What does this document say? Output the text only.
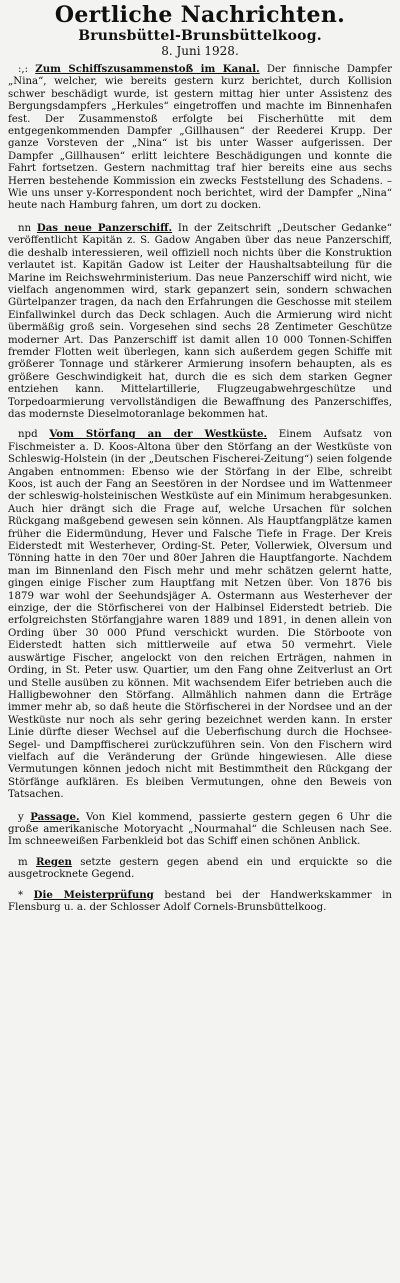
Oertliche Nachrichten.
Brunsbüttel-Brunsbüttelkoog.
8. Juni 1928.

:,: Zum Schiffszusammenstoß im Kanal. Der finnische Dampfer „Nina“, welcher, wie bereits gestern kurz berichtet, durch Kollision schwer beschädigt wurde, ist gestern mittag hier unter Assistenz des Bergungsdampfers „Herkules“ eingetroffen und machte im Binnenhafen fest. Der Zusammenstoß erfolgte bei Fischerhütte mit dem entgegenkommenden Dampfer „Gillhausen“ der Reederei Krupp. Der ganze Vorsteven der „Nina“ ist bis unter Wasser aufgerissen. Der Dampfer „Gillhausen“ erlitt leichtere Beschädigungen und konnte die Fahrt fortsetzen. Gestern nachmittag traf hier bereits eine aus sechs Herren bestehende Kommission ein zwecks Feststellung des Schadens. – Wie uns unser y-Korrespondent noch berichtet, wird der Dampfer „Nina“ heute nach Hamburg fahren, um dort zu docken.

nn Das neue Panzerschiff. In der Zeitschrift „Deutscher Gedanke“ veröffentlicht Kapitän z. S. Gadow Angaben über das neue Panzerschiff, die deshalb interessieren, weil offiziell noch nichts über die Konstruktion verlautet ist. Kapitän Gadow ist Leiter der Haushaltsabteilung für die Marine im Reichswehrministerium. Das neue Panzerschiff wird nicht, wie vielfach angenommen wird, stark gepanzert sein, sondern schwachen Gürtelpanzer tragen, da nach den Erfahrungen die Geschosse mit steilem Einfallwinkel durch das Deck schlagen. Auch die Armierung wird nicht übermäßig groß sein. Vorgesehen sind sechs 28 Zentimeter Geschütze moderner Art. Das Panzerschiff ist damit allen 10 000 Tonnen-Schiffen fremder Flotten weit überlegen, kann sich außerdem gegen Schiffe mit größerer Tonnage und stärkerer Armierung insofern behaupten, als es größere Geschwindigkeit hat, durch die es sich dem starken Gegner entziehen kann. Mittelartillerie, Flugzeugabwehrgeschütze und Torpedoarmierung vervollständigen die Bewaffnung des Panzerschiffes, das modernste Dieselmotoranlage bekommen hat.

npd Vom Störfang an der Westküste. Einem Aufsatz von Fischmeister a. D. Koos-Altona über den Störfang an der Westküste von Schleswig-Holstein (in der „Deutschen Fischerei-Zeitung“) seien folgende Angaben entnommen: Ebenso wie der Störfang in der Elbe, schreibt Koos, ist auch der Fang an Seestören in der Nordsee und im Wattenmeer der schleswig-holsteinischen Westküste auf ein Minimum herabgesunken. Auch hier drängt sich die Frage auf, welche Ursachen für solchen Rückgang maßgebend gewesen sein können. Als Hauptfangplätze kamen früher die Eidermündung, Hever und Falsche Tiefe in Frage. Der Kreis Eiderstedt mit Westerhever, Ording-St. Peter, Vollerwiek, Olversum und Tönning hatte in den 70er und 80er Jahren die Hauptfangorte. Nachdem man im Binnenland den Fisch mehr und mehr schätzen gelernt hatte, gingen einige Fischer zum Hauptfang mit Netzen über. Von 1876 bis 1879 war wohl der Seehundsjäger A. Ostermann aus Westerhever der einzige, der die Störfischerei von der Halbinsel Eiderstedt betrieb. Die erfolgreichsten Störfangjahre waren 1889 und 1891, in denen allein von Ording über 30 000 Pfund verschickt wurden. Die Störboote von Eiderstedt hatten sich mittlerweile auf etwa 50 vermehrt. Viele auswärtige Fischer, angelockt von den reichen Erträgen, nahmen in Ording, in St. Peter usw. Quartier, um den Fang ohne Zeitverlust an Ort und Stelle ausüben zu können. Mit wachsendem Eifer betrieben auch die Halligbewohner den Störfang. Allmählich nahmen dann die Erträge immer mehr ab, so daß heute die Störfischerei in der Nordsee und an der Westküste nur noch als sehr gering bezeichnet werden kann. In erster Linie dürfte dieser Wechsel auf die Ueberfischung durch die Hochsee-Segel- und Dampffischerei zurückzuführen sein. Von den Fischern wird vielfach auf die Veränderung der Gründe hingewiesen. Alle diese Vermutungen können jedoch nicht mit Bestimmtheit den Rückgang der Störfänge aufklären. Es bleiben Vermutungen, ohne den Beweis von Tatsachen.

y Passage. Von Kiel kommend, passierte gestern gegen 6 Uhr die große amerikanische Motoryacht „Nourmahal“ die Schleusen nach See. Im schneeweißen Farbenkleid bot das Schiff einen schönen Anblick.

m Regen setzte gestern gegen abend ein und erquickte so die ausgetrocknete Gegend.

* Die Meisterprüfung bestand bei der Handwerkskammer in Flensburg u. a. der Schlosser Adolf Cornels-Brunsbüttelkoog.
